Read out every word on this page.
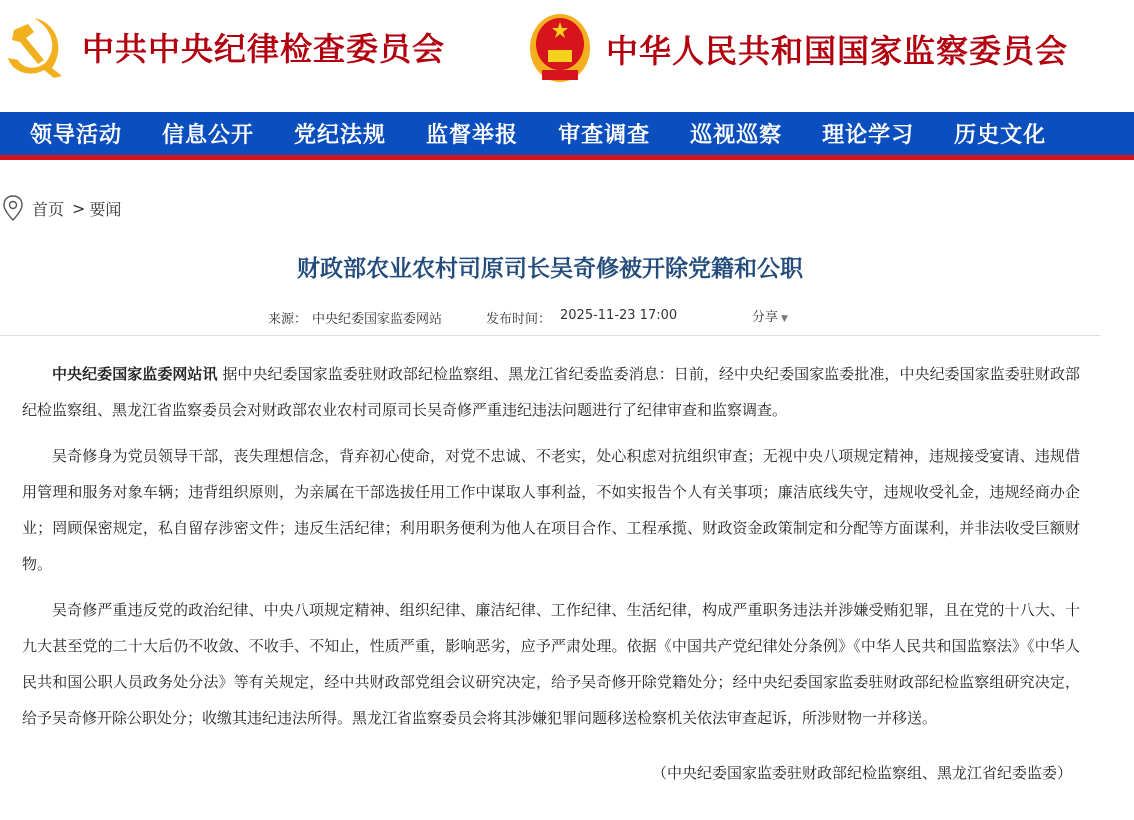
中共中央纪律检查委员会	中华人民共和国国家监察委员会
领导活动 信息公开 党纪法规 监督举报 审查调查 巡视巡察 理论学习 历史文化
首页 > 要闻
财政部农业农村司原司长吴奇修被开除党籍和公职
来源： 中央纪委国家监委网站	发布时间： 2025-11-23 17:00	分享 ▼

中央纪委国家监委网站讯 据中央纪委国家监委驻财政部纪检监察组、黑龙江省纪委监委消息：日前，经中央纪委国家监委批准，中央纪委国家监委驻财政部纪检监察组、黑龙江省监察委员会对财政部农业农村司原司长吴奇修严重违纪违法问题进行了纪律审查和监察调查。

吴奇修身为党员领导干部，丧失理想信念，背弃初心使命，对党不忠诚、不老实，处心积虑对抗组织审查；无视中央八项规定精神，违规接受宴请、违规借用管理和服务对象车辆；违背组织原则，为亲属在干部选拔任用工作中谋取人事利益，不如实报告个人有关事项；廉洁底线失守，违规收受礼金，违规经商办企业；罔顾保密规定，私自留存涉密文件；违反生活纪律；利用职务便利为他人在项目合作、工程承揽、财政资金政策制定和分配等方面谋利，并非法收受巨额财物。

吴奇修严重违反党的政治纪律、中央八项规定精神、组织纪律、廉洁纪律、工作纪律、生活纪律，构成严重职务违法并涉嫌受贿犯罪，且在党的十八大、十九大甚至党的二十大后仍不收敛、不收手、不知止，性质严重，影响恶劣，应予严肃处理。依据《中国共产党纪律处分条例》《中华人民共和国监察法》《中华人民共和国公职人员政务处分法》等有关规定，经中共财政部党组会议研究决定，给予吴奇修开除党籍处分；经中央纪委国家监委驻财政部纪检监察组研究决定，给予吴奇修开除公职处分；收缴其违纪违法所得。黑龙江省监察委员会将其涉嫌犯罪问题移送检察机关依法审查起诉，所涉财物一并移送。

（中央纪委国家监委驻财政部纪检监察组、黑龙江省纪委监委）
